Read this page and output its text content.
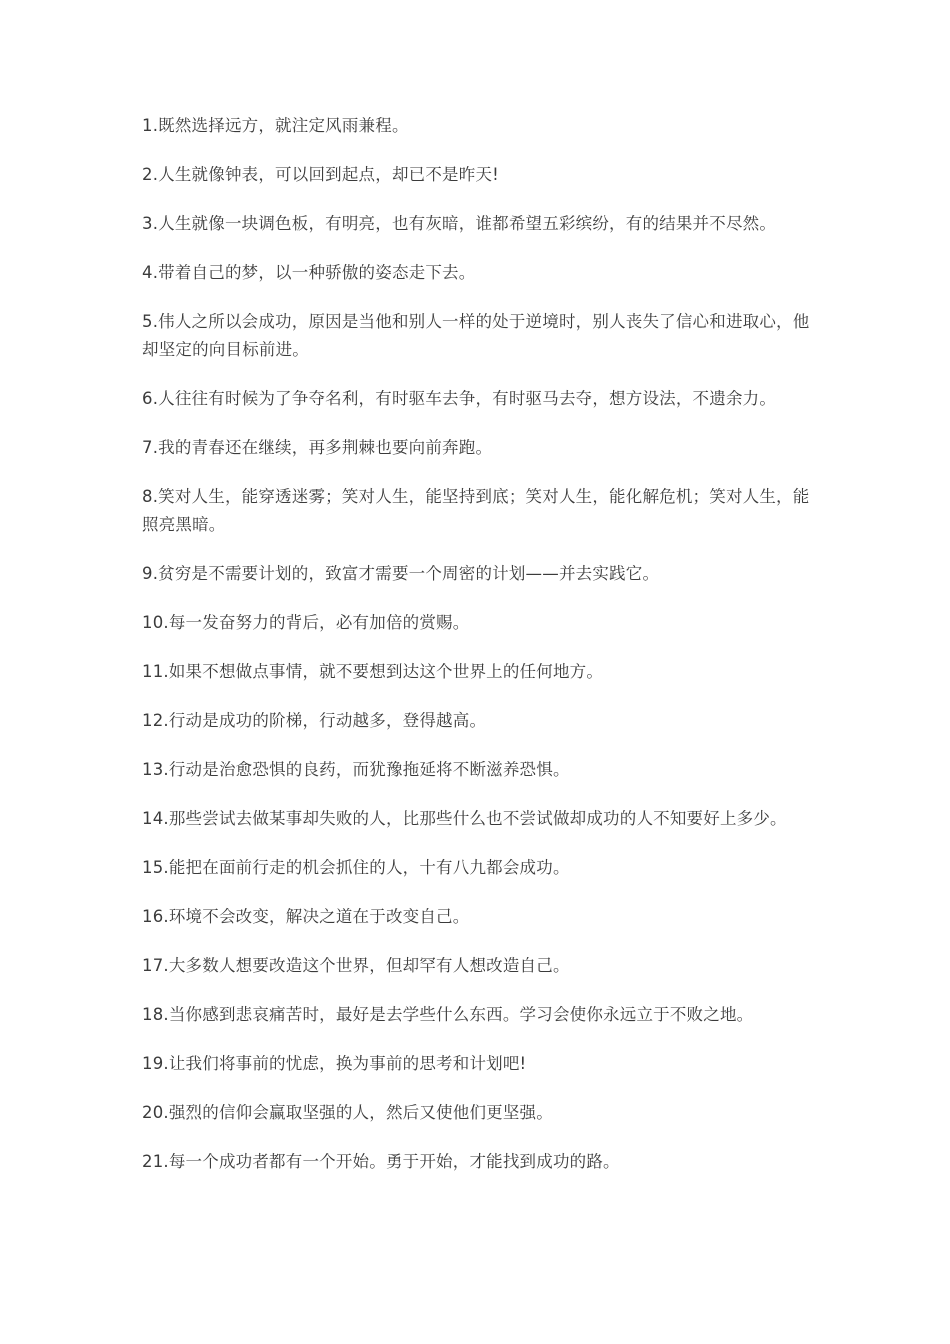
1.既然选择远方，就注定风雨兼程。

2.人生就像钟表，可以回到起点，却已不是昨天!

3.人生就像一块调色板，有明亮，也有灰暗，谁都希望五彩缤纷，有的结果并不尽然。

4.带着自己的梦，以一种骄傲的姿态走下去。

5.伟人之所以会成功，原因是当他和别人一样的处于逆境时，别人丧失了信心和进取心，他却坚定的向目标前进。

6.人往往有时候为了争夺名利，有时驱车去争，有时驱马去夺，想方设法，不遗余力。

7.我的青春还在继续，再多荆棘也要向前奔跑。

8.笑对人生，能穿透迷雾；笑对人生，能坚持到底；笑对人生，能化解危机；笑对人生，能照亮黑暗。

9.贫穷是不需要计划的，致富才需要一个周密的计划——并去实践它。

10.每一发奋努力的背后，必有加倍的赏赐。

11.如果不想做点事情，就不要想到达这个世界上的任何地方。

12.行动是成功的阶梯，行动越多，登得越高。

13.行动是治愈恐惧的良药，而犹豫拖延将不断滋养恐惧。

14.那些尝试去做某事却失败的人，比那些什么也不尝试做却成功的人不知要好上多少。

15.能把在面前行走的机会抓住的人，十有八九都会成功。

16.环境不会改变，解决之道在于改变自己。

17.大多数人想要改造这个世界，但却罕有人想改造自己。

18.当你感到悲哀痛苦时，最好是去学些什么东西。学习会使你永远立于不败之地。

19.让我们将事前的忧虑，换为事前的思考和计划吧!

20.强烈的信仰会赢取坚强的人，然后又使他们更坚强。

21.每一个成功者都有一个开始。勇于开始，才能找到成功的路。
